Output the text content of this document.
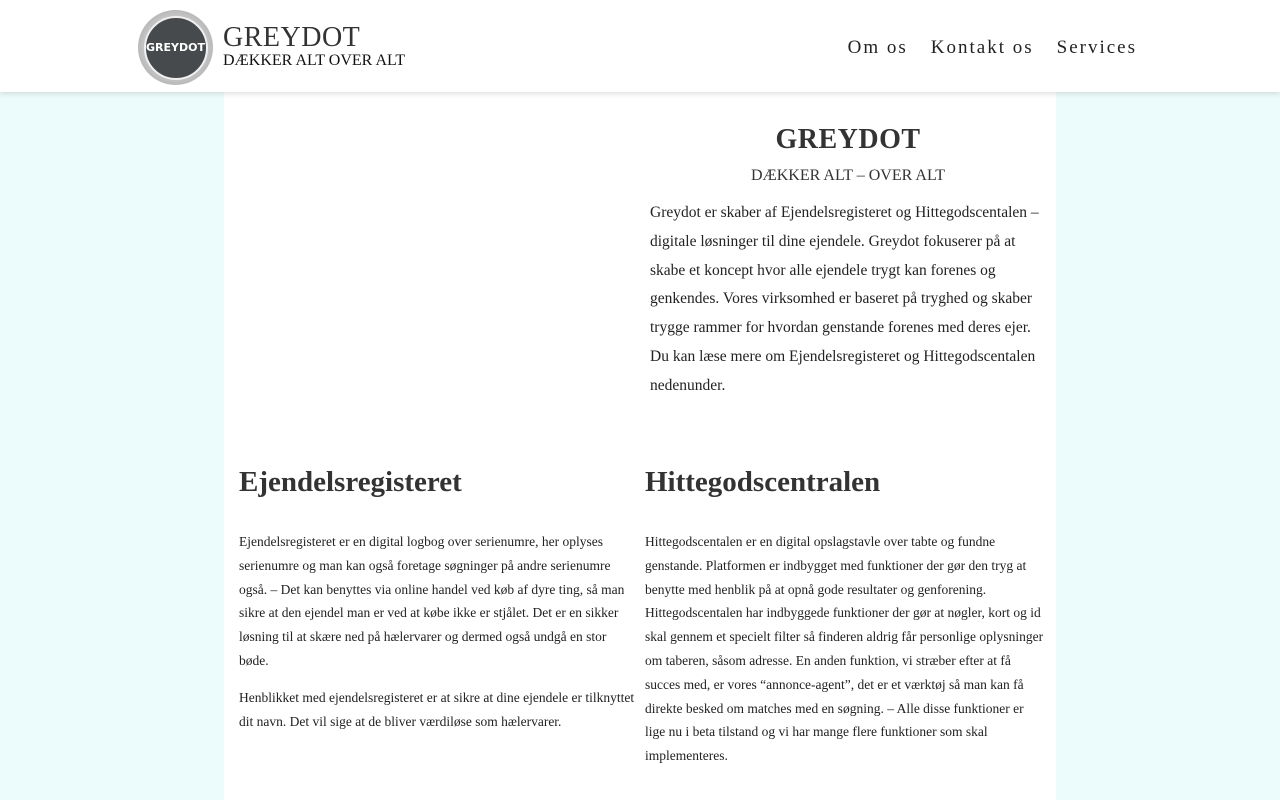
GREYDOT GREYDOT
DÆKKER ALT OVER ALT
Om os Kontakt os Services
GREYDOT
DÆKKER ALT – OVER ALT

Greydot er skaber af Ejendelsregisteret og Hittegodscentalen – digitale løsninger til dine ejendele. Greydot fokuserer på at skabe et koncept hvor alle ejendele trygt kan forenes og genkendes. Vores virksomhed er baseret på tryghed og skaber trygge rammer for hvordan genstande forenes med deres ejer. Du kan læse mere om Ejendelsregisteret og Hittegodscentalen nedenunder.

Ejendelsregisteret

Ejendelsregisteret er en digital logbog over serienumre, her oplyses serienumre og man kan også foretage søgninger på andre serienumre også. – Det kan benyttes via online handel ved køb af dyre ting, så man sikre at den ejendel man er ved at købe ikke er stjålet. Det er en sikker løsning til at skære ned på hælervarer og dermed også undgå en stor bøde.

Henblikket med ejendelsregisteret er at sikre at dine ejendele er tilknyttet dit navn. Det vil sige at de bliver værdiløse som hælervarer.

Hittegodscentralen

Hittegodscentalen er en digital opslagstavle over tabte og fundne genstande. Platformen er indbygget med funktioner der gør den tryg at benytte med henblik på at opnå gode resultater og genforening. Hittegodscentalen har indbyggede funktioner der gør at nøgler, kort og id skal gennem et specielt filter så finderen aldrig får personlige oplysninger om taberen, såsom adresse. En anden funktion, vi stræber efter at få succes med, er vores “annonce-agent”, det er et værktøj så man kan få direkte besked om matches med en søgning. – Alle disse funktioner er lige nu i beta tilstand og vi har mange flere funktioner som skal implementeres.
